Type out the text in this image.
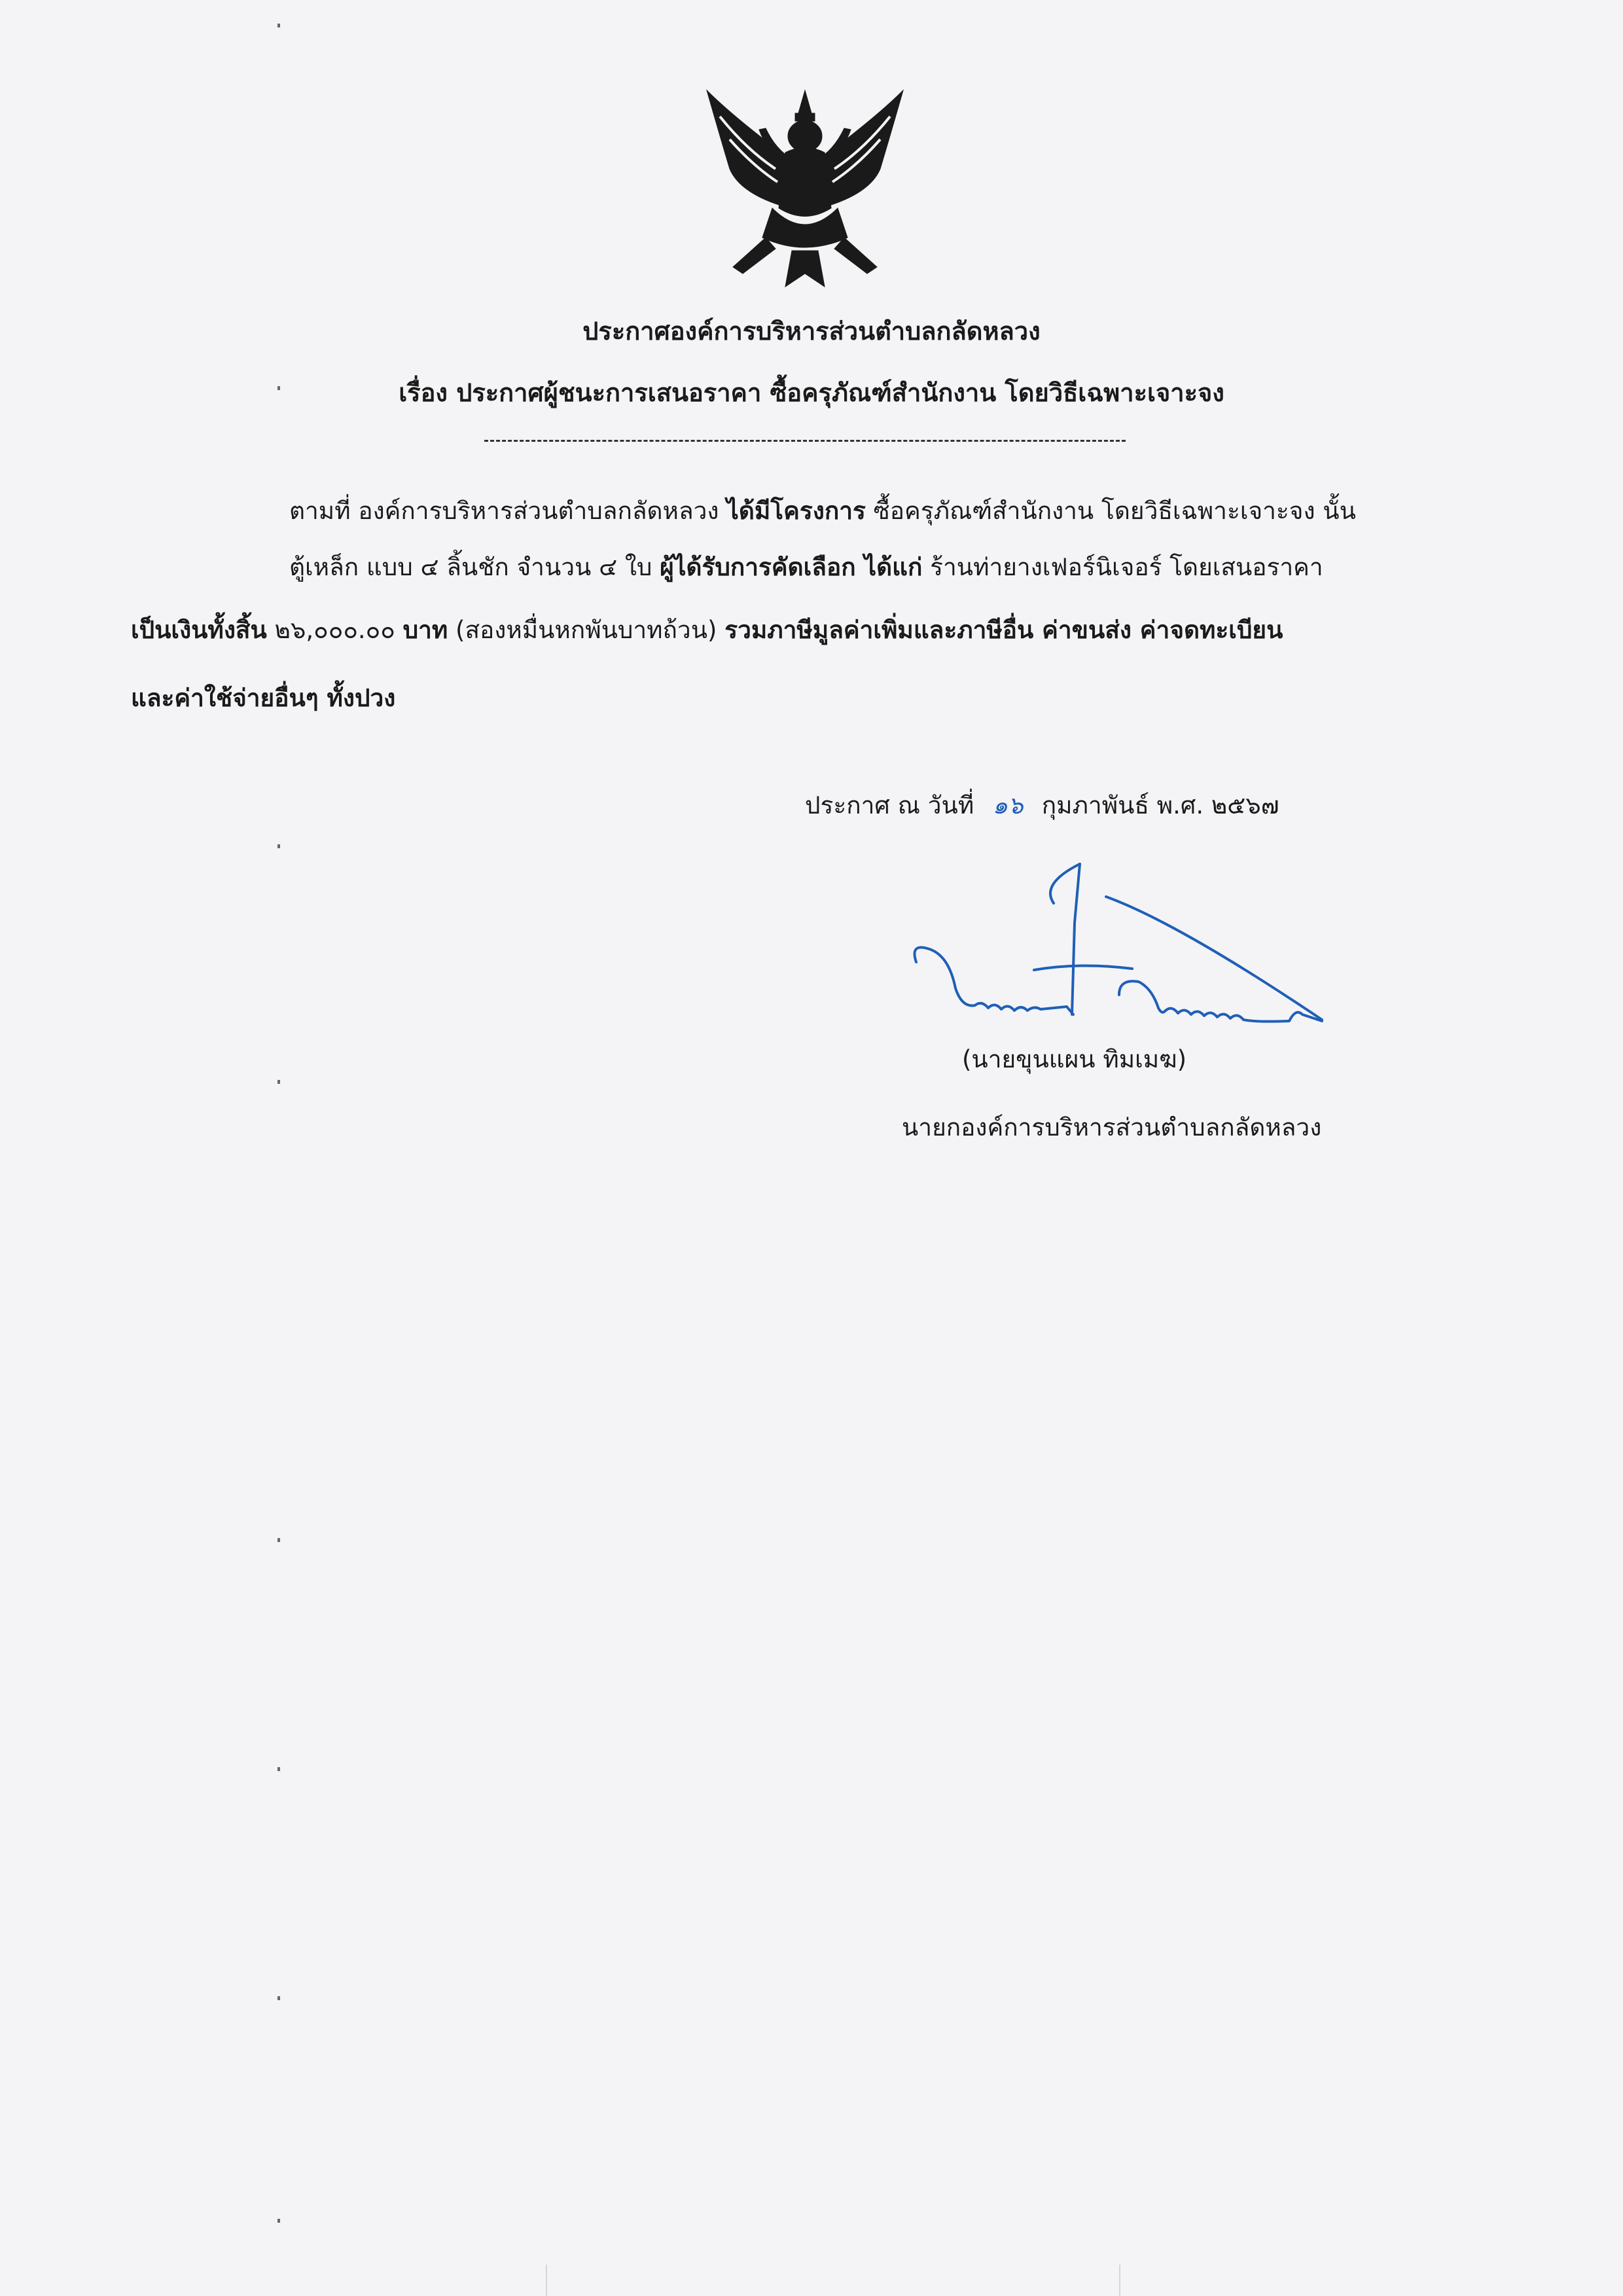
ประกาศองค์การบริหารส่วนตำบลกลัดหลวง
เรื่อง ประกาศผู้ชนะการเสนอราคา ซื้อครุภัณฑ์สำนักงาน โดยวิธีเฉพาะเจาะจง
ตามที่ องค์การบริหารส่วนตำบลกลัดหลวง ได้มีโครงการ ซื้อครุภัณฑ์สำนักงาน โดยวิธีเฉพาะเจาะจง นั้น
ตู้เหล็ก แบบ ๔ ลิ้นชัก จำนวน ๔ ใบ ผู้ได้รับการคัดเลือก ได้แก่ ร้านท่ายางเฟอร์นิเจอร์ โดยเสนอราคา
เป็นเงินทั้งสิ้น ๒๖,๐๐๐.๐๐ บาท (สองหมื่นหกพันบาทถ้วน) รวมภาษีมูลค่าเพิ่มและภาษีอื่น ค่าขนส่ง ค่าจดทะเบียน
และค่าใช้จ่ายอื่นๆ ทั้งปวง
ประกาศ ณ วันที่ ๑๖ กุมภาพันธ์ พ.ศ. ๒๕๖๗
(นายขุนแผน ทิมเมฆ)
นายกองค์การบริหารส่วนตำบลกลัดหลวง
